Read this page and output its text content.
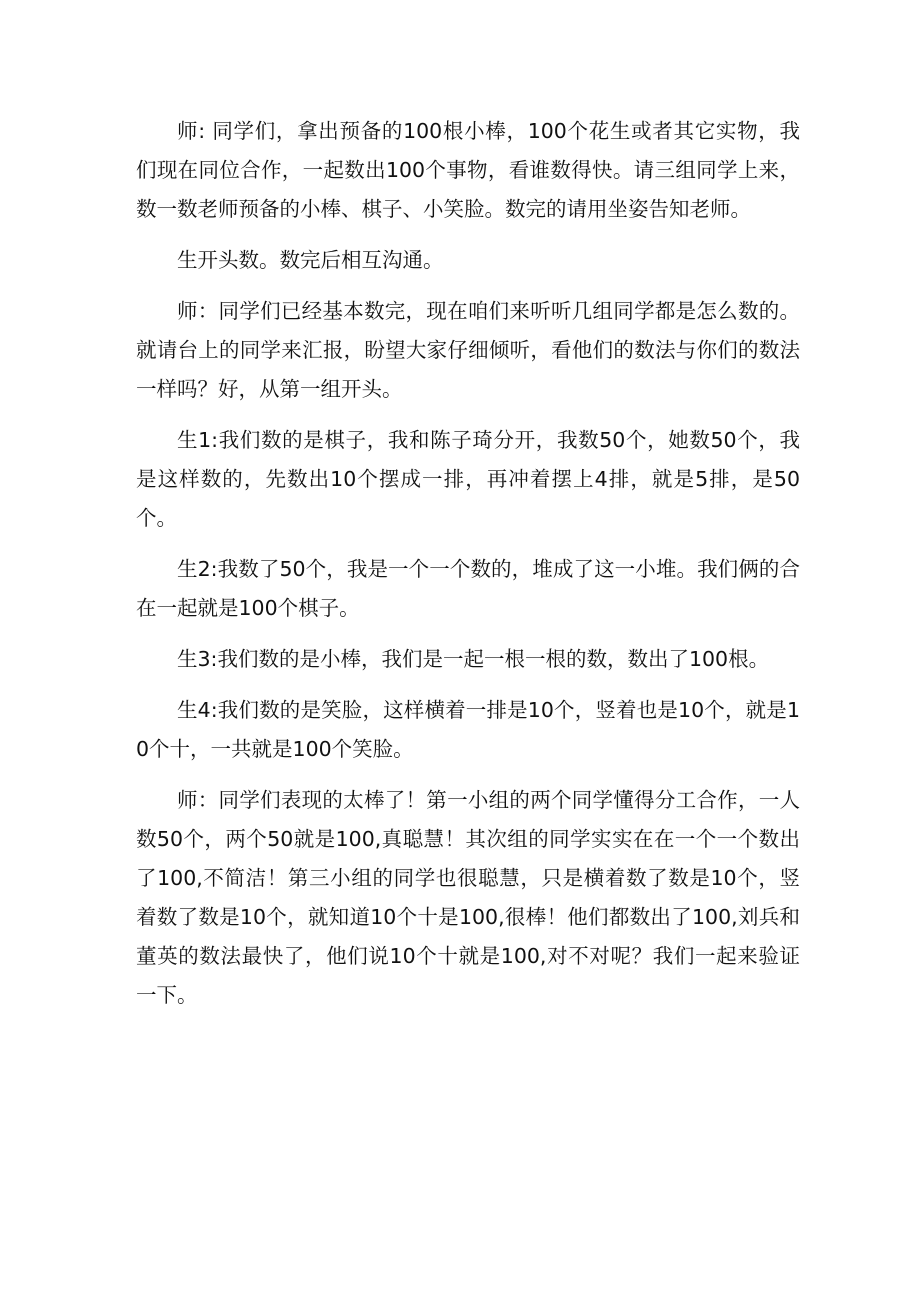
师: 同学们，拿出预备的100根小棒，100个花生或者其它实物，我们现在同位合作，一起数出100个事物，看谁数得快。请三组同学上来，数一数老师预备的小棒、棋子、小笑脸。数完的请用坐姿告知老师。

生开头数。数完后相互沟通。

师：同学们已经基本数完，现在咱们来听听几组同学都是怎么数的。就请台上的同学来汇报，盼望大家仔细倾听，看他们的数法与你们的数法一样吗？好，从第一组开头。

生1:我们数的是棋子，我和陈子琦分开，我数50个，她数50个，我是这样数的，先数出10个摆成一排，再冲着摆上4排，就是5排，是50个。

生2:我数了50个，我是一个一个数的，堆成了这一小堆。我们俩的合在一起就是100个棋子。

生3:我们数的是小棒，我们是一起一根一根的数，数出了100根。

生4:我们数的是笑脸，这样横着一排是10个，竖着也是10个，就是10个十，一共就是100个笑脸。

师：同学们表现的太棒了！第一小组的两个同学懂得分工合作，一人数50个，两个50就是100,真聪慧！其次组的同学实实在在一个一个数出了100,不简洁！第三小组的同学也很聪慧，只是横着数了数是10个，竖着数了数是10个，就知道10个十是100,很棒！他们都数出了100,刘兵和董英的数法最快了，他们说10个十就是100,对不对呢？我们一起来验证一下。
